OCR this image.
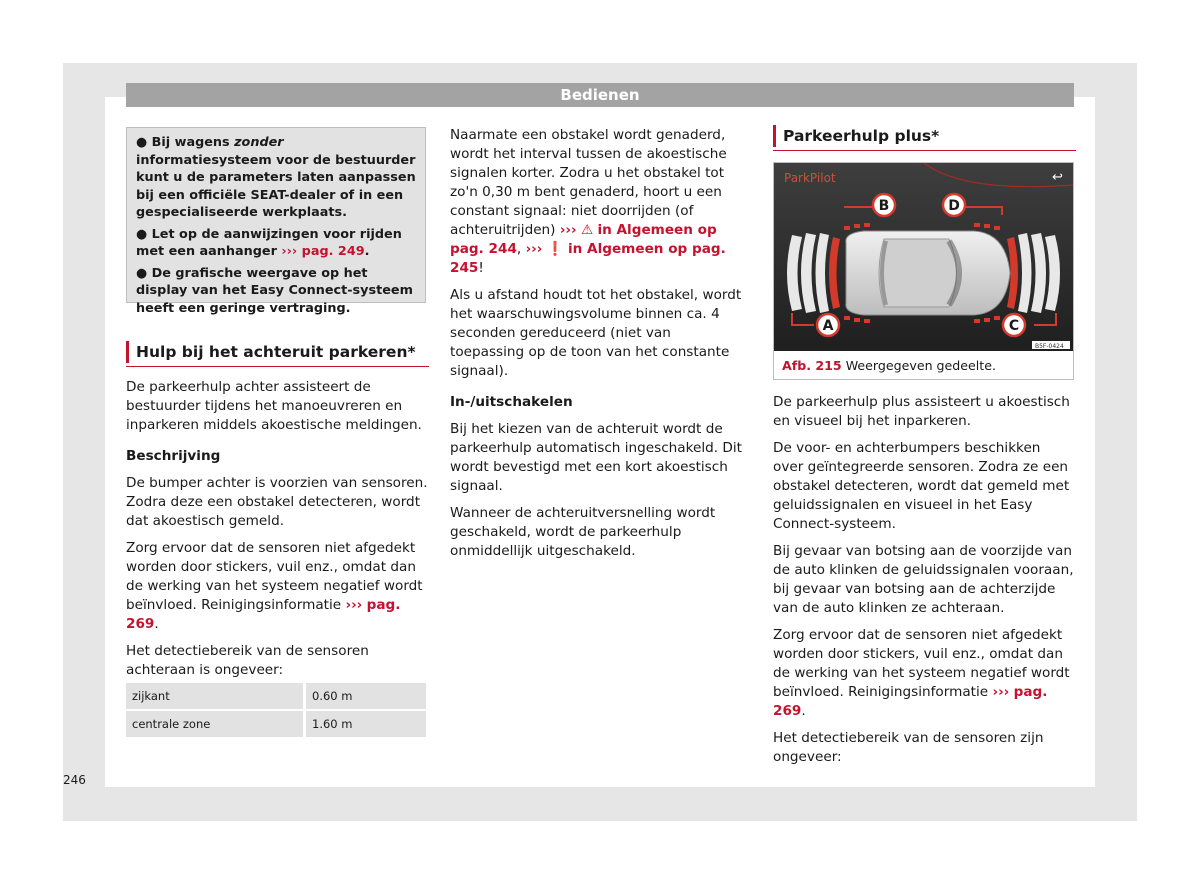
Bedienen
● Bij wagens zonder informatiesysteem voor de bestuurder kunt u de parameters laten aanpassen bij een officiële SEAT-dealer of in een gespecialiseerde werkplaats.
● Let op de aanwijzingen voor rijden met een aanhanger ››› pag. 249.
● De grafische weergave op het display van het Easy Connect-systeem heeft een geringe vertraging.
Hulp bij het achteruit parkeren*

De parkeerhulp achter assisteert de bestuurder tijdens het manoeuvreren en inparkeren middels akoestische meldingen.

Beschrijving

De bumper achter is voorzien van sensoren. Zodra deze een obstakel detecteren, wordt dat akoestisch gemeld.

Zorg ervoor dat de sensoren niet afgedekt worden door stickers, vuil enz., omdat dan de werking van het systeem negatief wordt beïnvloed. Reinigingsinformatie ››› pag. 269.

Het detectiebereik van de sensoren achteraan is ongeveer:

zijkant	0.60 m
centrale zone	1.60 m

Naarmate een obstakel wordt genaderd, wordt het interval tussen de akoestische signalen korter. Zodra u het obstakel tot zo'n 0,30 m bent genaderd, hoort u een constant signaal: niet doorrijden (of achteruitrijden) ››› ⚠ in Algemeen op pag. 244, ››› ❗ in Algemeen op pag. 245!

Als u afstand houdt tot het obstakel, wordt het waarschuwingsvolume binnen ca. 4 seconden gereduceerd (niet van toepassing op de toon van het constante signaal).

In-/uitschakelen

Bij het kiezen van de achteruit wordt de parkeerhulp automatisch ingeschakeld. Dit wordt bevestigd met een kort akoestisch signaal.

Wanneer de achteruitversnelling wordt geschakeld, wordt de parkeerhulp onmiddellijk uitgeschakeld.

Parkeerhulp plus*
ParkPilot	↩
B	D
A	C
B5F-0424
Afb. 215 Weergegeven gedeelte.

De parkeerhulp plus assisteert u akoestisch en visueel bij het inparkeren.

De voor- en achterbumpers beschikken over geïntegreerde sensoren. Zodra ze een obstakel detecteren, wordt dat gemeld met geluidssignalen en visueel in het Easy Connect-systeem.

Bij gevaar van botsing aan de voorzijde van de auto klinken de geluidssignalen vooraan, bij gevaar van botsing aan de achterzijde van de auto klinken ze achteraan.

Zorg ervoor dat de sensoren niet afgedekt worden door stickers, vuil enz., omdat dan de werking van het systeem negatief wordt beïnvloed. Reinigingsinformatie ››› pag. 269.

Het detectiebereik van de sensoren zijn ongeveer:

246
